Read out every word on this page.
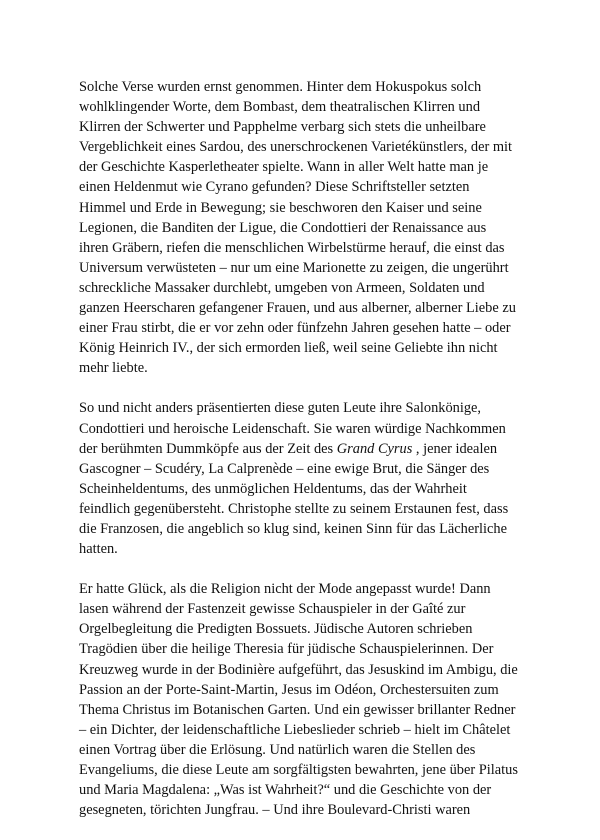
Solche Verse wurden ernst genommen. Hinter dem Hokuspokus solch
wohlklingender Worte, dem Bombast, dem theatralischen Klirren und
Klirren der Schwerter und Papphelme verbarg sich stets die unheilbare
Vergeblichkeit eines Sardou, des unerschrockenen Varietékünstlers, der mit
der Geschichte Kasperletheater spielte. Wann in aller Welt hatte man je
einen Heldenmut wie Cyrano gefunden? Diese Schriftsteller setzten
Himmel und Erde in Bewegung; sie beschworen den Kaiser und seine
Legionen, die Banditen der Ligue, die Condottieri der Renaissance aus
ihren Gräbern, riefen die menschlichen Wirbelstürme herauf, die einst das
Universum verwüsteten – nur um eine Marionette zu zeigen, die ungerührt
schreckliche Massaker durchlebt, umgeben von Armeen, Soldaten und
ganzen Heerscharen gefangener Frauen, und aus alberner, alberner Liebe zu
einer Frau stirbt, die er vor zehn oder fünfzehn Jahren gesehen hatte – oder
König Heinrich IV., der sich ermorden ließ, weil seine Geliebte ihn nicht
mehr liebte.

So und nicht anders präsentierten diese guten Leute ihre Salonkönige,
Condottieri und heroische Leidenschaft. Sie waren würdige Nachkommen
der berühmten Dummköpfe aus der Zeit des Grand Cyrus , jener idealen
Gascogner – Scudéry, La Calprenède – eine ewige Brut, die Sänger des
Scheinheldentums, des unmöglichen Heldentums, das der Wahrheit
feindlich gegenübersteht. Christophe stellte zu seinem Erstaunen fest, dass
die Franzosen, die angeblich so klug sind, keinen Sinn für das Lächerliche
hatten.

Er hatte Glück, als die Religion nicht der Mode angepasst wurde! Dann
lasen während der Fastenzeit gewisse Schauspieler in der Gaîté zur
Orgelbegleitung die Predigten Bossuets. Jüdische Autoren schrieben
Tragödien über die heilige Theresia für jüdische Schauspielerinnen. Der
Kreuzweg wurde in der Bodinière aufgeführt, das Jesuskind im Ambigu, die
Passion an der Porte-Saint-Martin, Jesus im Odéon, Orchestersuiten zum
Thema Christus im Botanischen Garten. Und ein gewisser brillanter Redner
– ein Dichter, der leidenschaftliche Liebeslieder schrieb – hielt im Châtelet
einen Vortrag über die Erlösung. Und natürlich waren die Stellen des
Evangeliums, die diese Leute am sorgfältigsten bewahrten, jene über Pilatus
und Maria Magdalena: „Was ist Wahrheit?“ und die Geschichte von der
gesegneten, törichten Jungfrau. – Und ihre Boulevard-Christi waren
